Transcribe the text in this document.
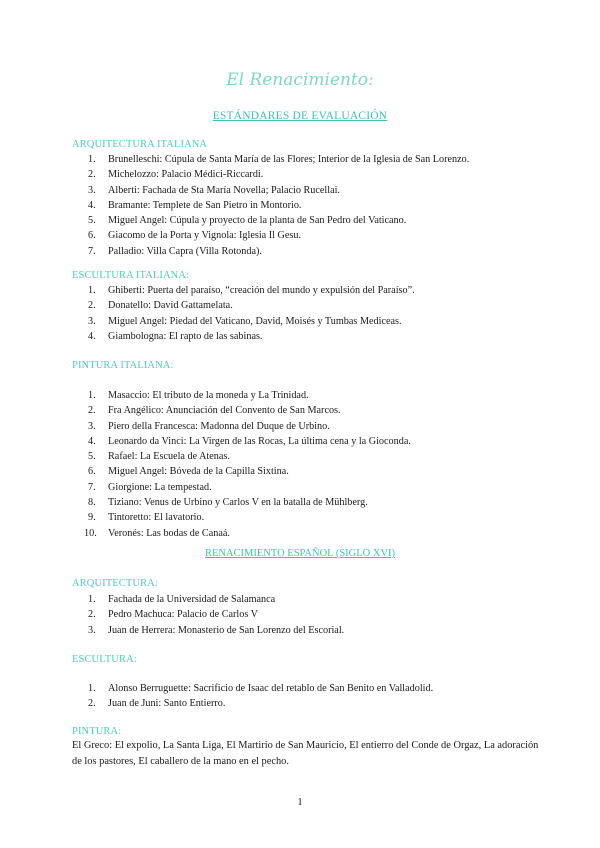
El Renacimiento:
ESTÁNDARES DE EVALUACIÓN
ARQUITECTURA ITALIANA
1.	Brunelleschi: Cúpula de Santa María de las Flores; Interior de la Iglesia de San Lorenzo.
2.	Michelozzo: Palacio Médici-Riccardi.
3.	Alberti: Fachada de Sta María Novella; Palacio Rucellai.
4.	Bramante: Templete de San Pietro in Montorio.
5.	Miguel Angel: Cúpula y proyecto de la planta de San Pedro del Vaticano.
6.	Giacomo de la Porta y Vignola: Iglesia Il Gesu.
7.	Palladio: Villa Capra (Villa Rotonda).
ESCULTURA ITALIANA:
1.	Ghiberti: Puerta del paraíso, “creación del mundo y expulsión del Paraíso”.
2.	Donatello: David Gattamelata.
3.	Miguel Angel: Piedad del Vaticano, David, Moisés y Tumbas Mediceas.
4.	Giambologna: El rapto de las sabinas.
PINTURA ITALIANA:
1.	Masaccio: El tributo de la moneda y La Trinidad.
2.	Fra Angélico: Anunciación del Convento de San Marcos.
3.	Piero della Francesca: Madonna del Duque de Urbino.
4.	Leonardo da Vinci: La Virgen de las Rocas, La última cena y la Gioconda.
5.	Rafael: La Escuela de Atenas.
6.	Miguel Angel: Bóveda de la Capilla Sixtina.
7.	Giorgione: La tempestad.
8.	Tiziano: Venus de Urbino y Carlos V en la batalla de Mühlberg.
9.	Tintoretto: El lavatorio.
10.	Veronés: Las bodas de Canaá.
RENACIMIENTO ESPAÑOL (SIGLO XVI)
ARQUITECTURA:
1.	Fachada de la Universidad de Salamanca
2.	Pedro Machuca: Palacio de Carlos V
3.	Juan de Herrera: Monasterio de San Lorenzo del Escorial.
ESCULTURA:
1.	Alonso Berruguette: Sacrificio de Isaac del retablo de San Benito en Valladolid.
2.	Juan de Juni: Santo Entierro.
PINTURA:
El Greco: El expolio, La Santa Liga, El Martirio de San Mauricio, El entierro del Conde de Orgaz, La adoración de los pastores, El caballero de la mano en el pecho.
1
